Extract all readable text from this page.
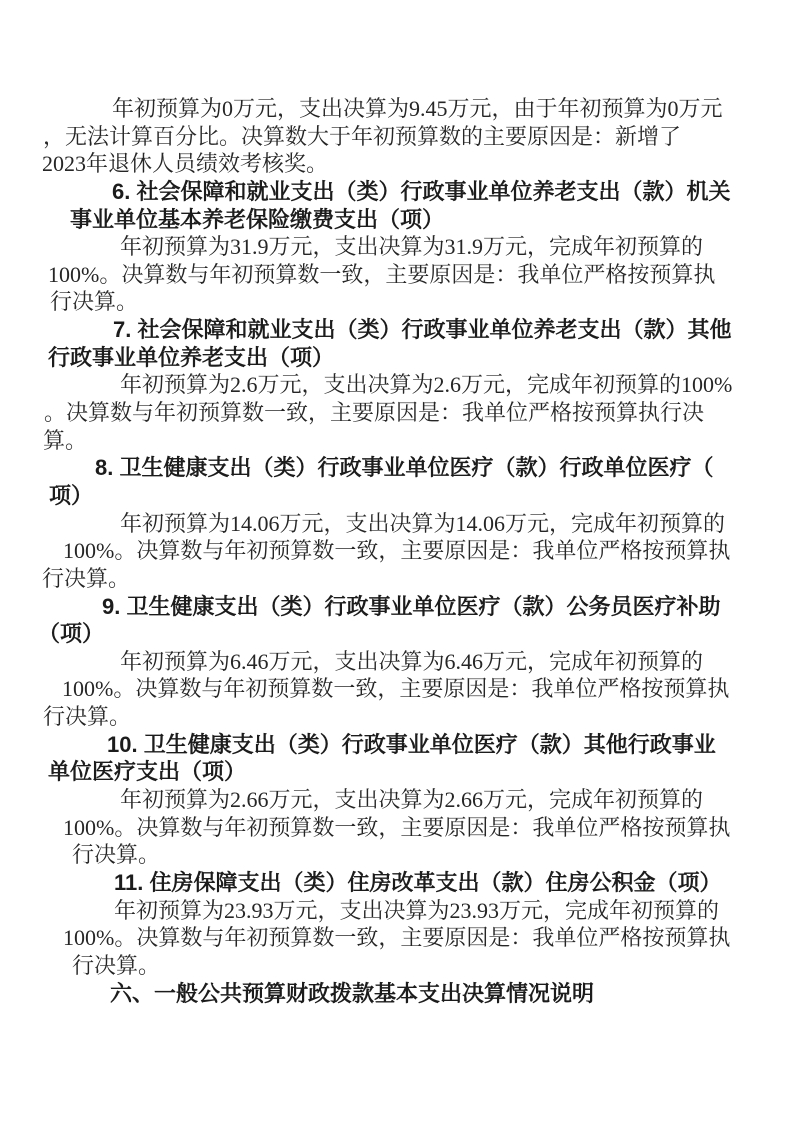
年初预算为0万元，支出决算为9.45万元，由于年初预算为0万元
，无法计算百分比。决算数大于年初预算数的主要原因是：新增了
2023年退休人员绩效考核奖。
6. 社会保障和就业支出（类）行政事业单位养老支出（款）机关
事业单位基本养老保险缴费支出（项）
年初预算为31.9万元，支出决算为31.9万元，完成年初预算的
100%。决算数与年初预算数一致，主要原因是：我单位严格按预算执
行决算。
7. 社会保障和就业支出（类）行政事业单位养老支出（款）其他
行政事业单位养老支出（项）
年初预算为2.6万元，支出决算为2.6万元，完成年初预算的100%
。决算数与年初预算数一致，主要原因是：我单位严格按预算执行决
算。
8. 卫生健康支出（类）行政事业单位医疗（款）行政单位医疗（
项）
年初预算为14.06万元，支出决算为14.06万元，完成年初预算的
100%。决算数与年初预算数一致，主要原因是：我单位严格按预算执
行决算。
9. 卫生健康支出（类）行政事业单位医疗（款）公务员医疗补助
（项）
年初预算为6.46万元，支出决算为6.46万元，完成年初预算的
100%。决算数与年初预算数一致，主要原因是：我单位严格按预算执
行决算。
10. 卫生健康支出（类）行政事业单位医疗（款）其他行政事业
单位医疗支出（项）
年初预算为2.66万元，支出决算为2.66万元，完成年初预算的
100%。决算数与年初预算数一致，主要原因是：我单位严格按预算执
行决算。
11. 住房保障支出（类）住房改革支出（款）住房公积金（项）
年初预算为23.93万元，支出决算为23.93万元，完成年初预算的
100%。决算数与年初预算数一致，主要原因是：我单位严格按预算执
行决算。
六、一般公共预算财政拨款基本支出决算情况说明
